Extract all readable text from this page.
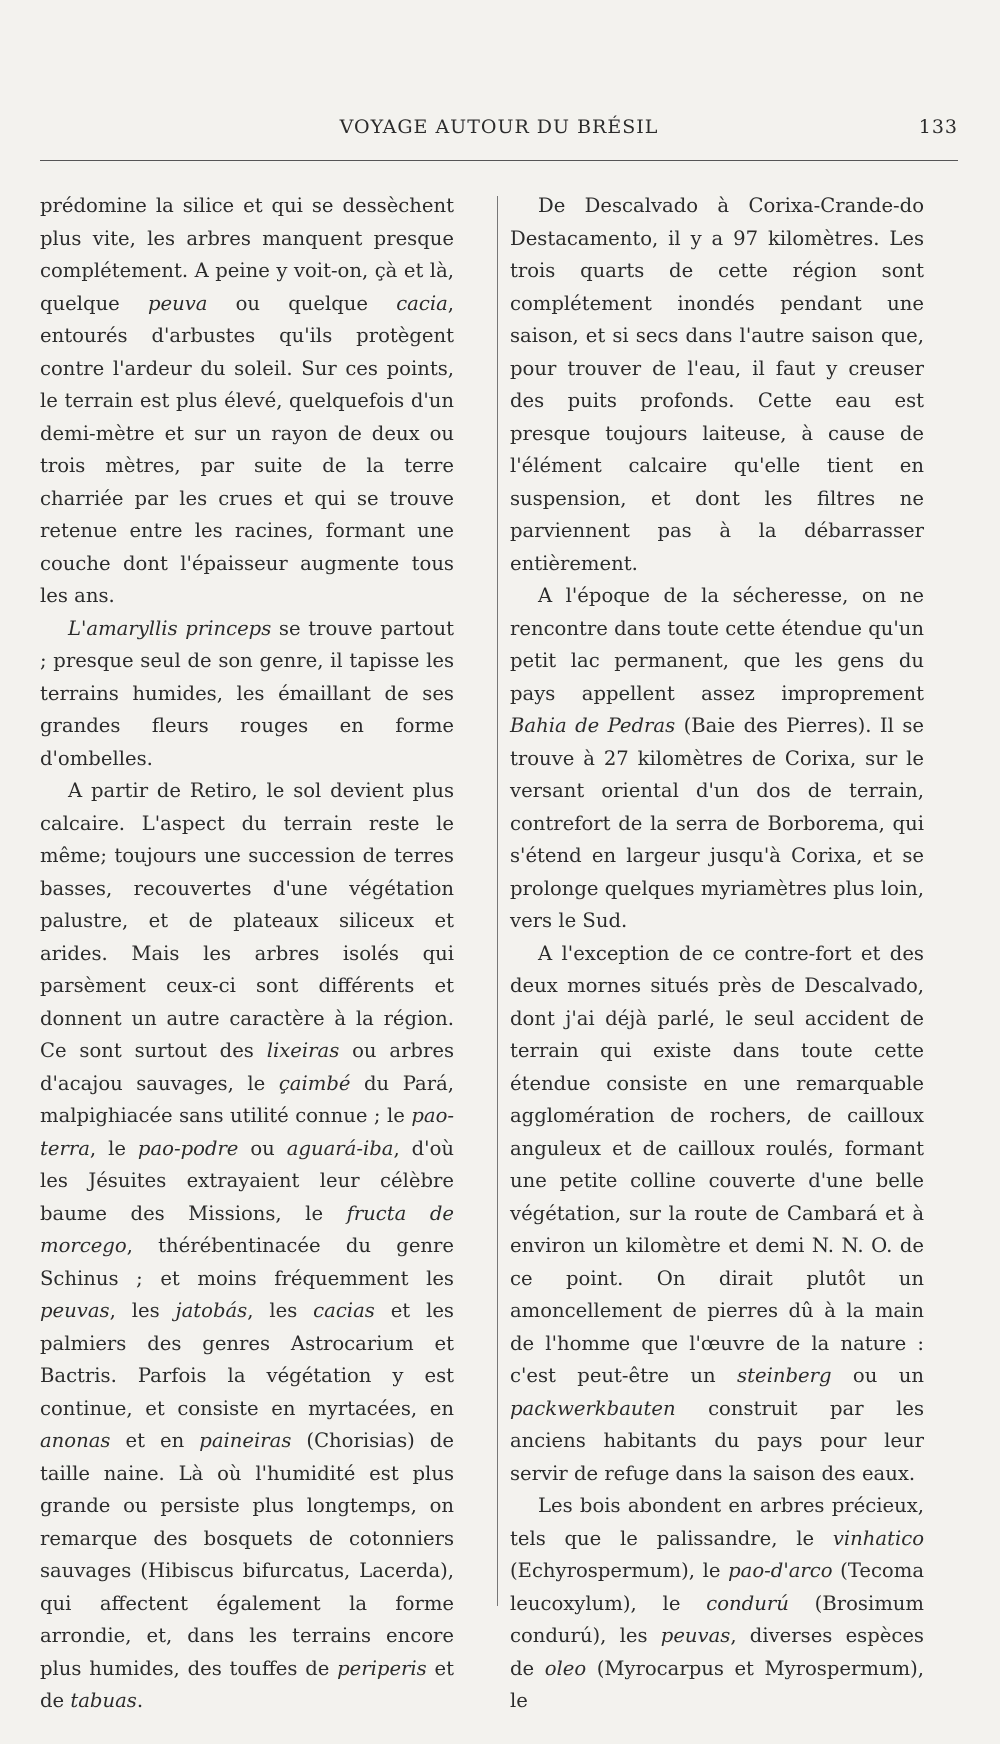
VOYAGE AUTOUR DU BRÉSIL	133

prédomine la silice et qui se dessèchent plus vite, les arbres manquent presque complétement. A peine y voit-on, çà et là, quelque peuva ou quelque cacia, entourés d'arbustes qu'ils protègent contre l'ardeur du soleil. Sur ces points, le terrain est plus élevé, quelquefois d'un demi-mètre et sur un rayon de deux ou trois mètres, par suite de la terre charriée par les crues et qui se trouve retenue entre les racines, formant une couche dont l'épaisseur augmente tous les ans.

L'amaryllis princeps se trouve partout ; presque seul de son genre, il tapisse les terrains humides, les émaillant de ses grandes fleurs rouges en forme d'ombelles.

A partir de Retiro, le sol devient plus calcaire. L'aspect du terrain reste le même; toujours une succession de terres basses, recouvertes d'une végétation palustre, et de plateaux siliceux et arides. Mais les arbres isolés qui parsèment ceux-ci sont différents et donnent un autre caractère à la région. Ce sont surtout des lixeiras ou arbres d'acajou sauvages, le çaimbé du Pará, malpighiacée sans utilité connue ; le pao-terra, le pao-podre ou aguará-iba, d'où les Jésuites extrayaient leur célèbre baume des Missions, le fructa de morcego, thérébentinacée du genre Schinus ; et moins fréquemment les peuvas, les jatobás, les cacias et les palmiers des genres Astrocarium et Bactris. Parfois la végétation y est continue, et consiste en myrtacées, en anonas et en paineiras (Chorisias) de taille naine. Là où l'humidité est plus grande ou persiste plus longtemps, on remarque des bosquets de cotonniers sauvages (Hibiscus bifurcatus, Lacerda), qui affectent également la forme arrondie, et, dans les terrains encore plus humides, des touffes de periperis et de tabuas.

De Descalvado à Corixa-Crande-do Destacamento, il y a 97 kilomètres. Les trois quarts de cette région sont complétement inondés pendant une saison, et si secs dans l'autre saison que, pour trouver de l'eau, il faut y creuser des puits profonds. Cette eau est presque toujours laiteuse, à cause de l'élément calcaire qu'elle tient en suspension, et dont les filtres ne parviennent pas à la débarrasser entièrement.

A l'époque de la sécheresse, on ne rencontre dans toute cette étendue qu'un petit lac permanent, que les gens du pays appellent assez improprement Bahia de Pedras (Baie des Pierres). Il se trouve à 27 kilomètres de Corixa, sur le versant oriental d'un dos de terrain, contrefort de la serra de Borborema, qui s'étend en largeur jusqu'à Corixa, et se prolonge quelques myriamètres plus loin, vers le Sud.

A l'exception de ce contre-fort et des deux mornes situés près de Descalvado, dont j'ai déjà parlé, le seul accident de terrain qui existe dans toute cette étendue consiste en une remarquable agglomération de rochers, de cailloux anguleux et de cailloux roulés, formant une petite colline couverte d'une belle végétation, sur la route de Cambará et à environ un kilomètre et demi N. N. O. de ce point. On dirait plutôt un amoncellement de pierres dû à la main de l'homme que l'œuvre de la nature : c'est peut-être un steinberg ou un packwerkbauten construit par les anciens habitants du pays pour leur servir de refuge dans la saison des eaux.

Les bois abondent en arbres précieux, tels que le palissandre, le vinhatico (Echyrospermum), le pao-d'arco (Tecoma leucoxylum), le condurú (Brosimum condurú), les peuvas, diverses espèces de oleo (Myrocarpus et Myrospermum), le
